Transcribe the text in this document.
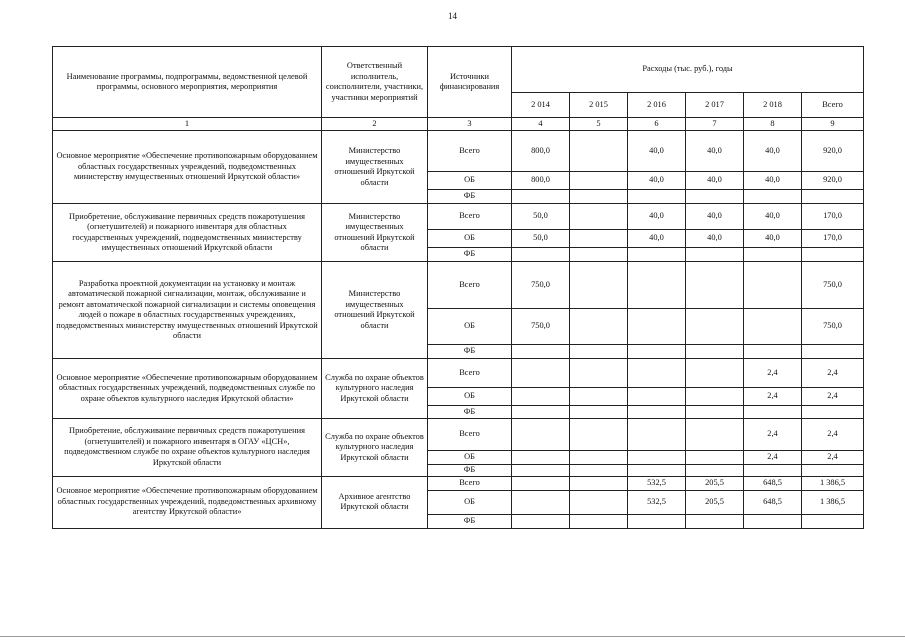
14
Наименование программы, подпрограммы, ведомственной целевой программы, основного мероприятия, мероприятия	Ответственный исполнитель, соисполнители, участники, участники мероприятий	Источники финансирования	Расходы (тыс. руб.), годы					
			2 014	2 015	2 016	2 017	2 018	Всего
1	2	3	4	5	6	7	8	9
Основное мероприятие «Обеспечение противопожарным оборудованием областных государственных учреждений, подведомственных министерству имущественных отношений Иркутской области»	Министерство имущественных отношений Иркутской области	Всего	800,0		40,0	40,0	40,0	920,0
		ОБ	800,0		40,0	40,0	40,0	920,0
		ФБ						
Приобретение, обслуживание первичных средств пожаротушения (огнетушителей) и пожарного инвентаря для областных государственных учреждений, подведомственных министерству имущественных отношений Иркутской области	Министерство имущественных отношений Иркутской области	Всего	50,0		40,0	40,0	40,0	170,0
		ОБ	50,0		40,0	40,0	40,0	170,0
		ФБ						
Разработка проектной документации на установку и монтаж автоматической пожарной сигнализации, монтаж, обслуживание и ремонт автоматической пожарной сигнализации и системы оповещения людей о пожаре в областных государственных учреждениях, подведомственных министерству имущественных отношений Иркутской области	Министерство имущественных отношений Иркутской области	Всего	750,0					750,0
		ОБ	750,0					750,0
		ФБ						
Основное мероприятие «Обеспечение противопожарным оборудованием областных государственных учреждений, подведомственных службе по охране объектов культурного наследия Иркутской области»	Служба по охране объектов культурного наследия Иркутской области	Всего					2,4	2,4
		ОБ					2,4	2,4
		ФБ						
Приобретение, обслуживание первичных средств пожаротушения (огнетушителей) и пожарного инвентаря в ОГАУ «ЦСН», подведомственном службе по охране объектов культурного наследия Иркутской области	Служба по охране объектов культурного наследия Иркутской области	Всего					2,4	2,4
		ОБ					2,4	2,4
		ФБ						
Основное мероприятие «Обеспечение противопожарным оборудованием областных государственных учреждений, подведомственных архивному агентству Иркутской области»	Архивное агентство Иркутской области	Всего			532,5	205,5	648,5	1 386,5
		ОБ			532,5	205,5	648,5	1 386,5
		ФБ						
